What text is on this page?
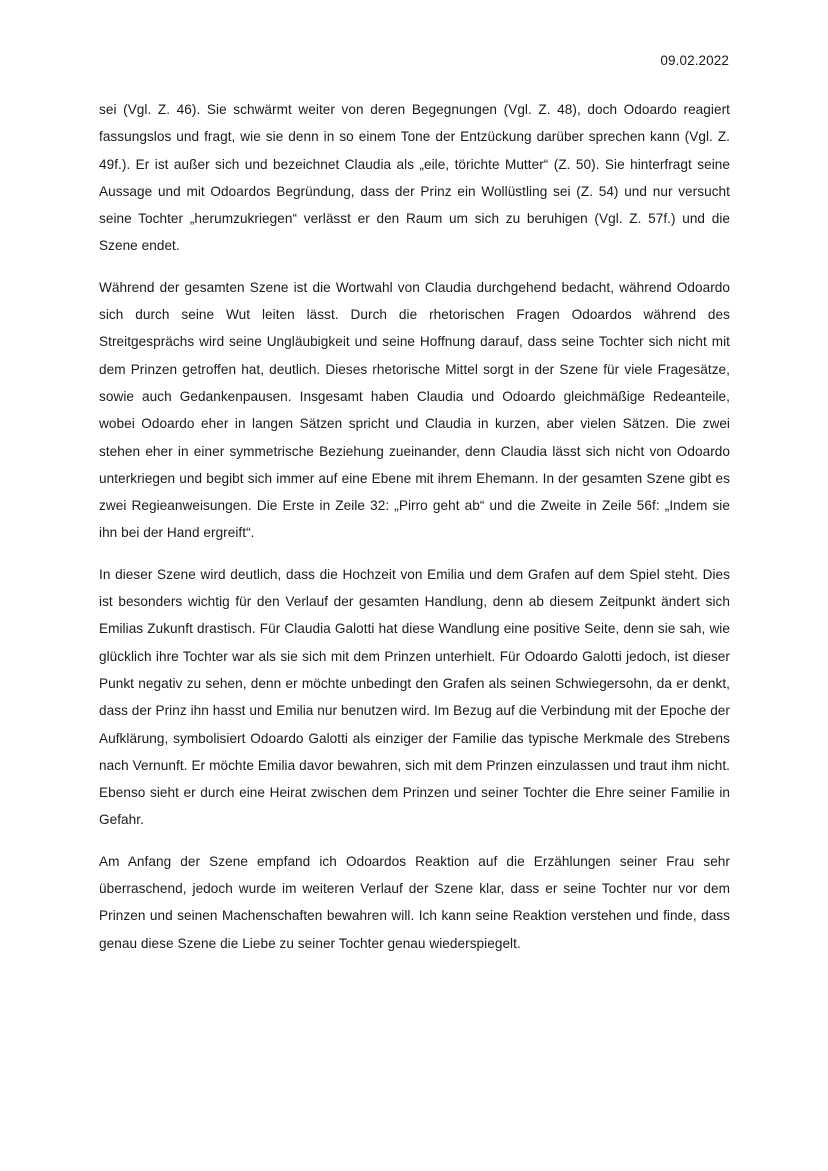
09.02.2022

sei (Vgl. Z. 46). Sie schwärmt weiter von deren Begegnungen (Vgl. Z. 48), doch Odoardo reagiert fassungslos und fragt, wie sie denn in so einem Tone der Entzückung darüber sprechen kann (Vgl. Z. 49f.). Er ist außer sich und bezeichnet Claudia als „eile, törichte Mutter“ (Z. 50). Sie hinterfragt seine Aussage und mit Odoardos Begründung, dass der Prinz ein Wollüstling sei (Z. 54) und nur versucht seine Tochter „herumzukriegen“ verlässt er den Raum um sich zu beruhigen (Vgl. Z. 57f.) und die Szene endet.

Während der gesamten Szene ist die Wortwahl von Claudia durchgehend bedacht, während Odoardo sich durch seine Wut leiten lässt. Durch die rhetorischen Fragen Odoardos während des Streitgesprächs wird seine Ungläubigkeit und seine Hoffnung darauf, dass seine Tochter sich nicht mit dem Prinzen getroffen hat, deutlich. Dieses rhetorische Mittel sorgt in der Szene für viele Fragesätze, sowie auch Gedankenpausen. Insgesamt haben Claudia und Odoardo gleichmäßige Redeanteile, wobei Odoardo eher in langen Sätzen spricht und Claudia in kurzen, aber vielen Sätzen. Die zwei stehen eher in einer symmetrische Beziehung zueinander, denn Claudia lässt sich nicht von Odoardo unterkriegen und begibt sich immer auf eine Ebene mit ihrem Ehemann. In der gesamten Szene gibt es zwei Regieanweisungen. Die Erste in Zeile 32: „Pirro geht ab“ und die Zweite in Zeile 56f: „Indem sie ihn bei der Hand ergreift“.

In dieser Szene wird deutlich, dass die Hochzeit von Emilia und dem Grafen auf dem Spiel steht. Dies ist besonders wichtig für den Verlauf der gesamten Handlung, denn ab diesem Zeitpunkt ändert sich Emilias Zukunft drastisch. Für Claudia Galotti hat diese Wandlung eine positive Seite, denn sie sah, wie glücklich ihre Tochter war als sie sich mit dem Prinzen unterhielt. Für Odoardo Galotti jedoch, ist dieser Punkt negativ zu sehen, denn er möchte unbedingt den Grafen als seinen Schwiegersohn, da er denkt, dass der Prinz ihn hasst und Emilia nur benutzen wird. Im Bezug auf die Verbindung mit der Epoche der Aufklärung, symbolisiert Odoardo Galotti als einziger der Familie das typische Merkmale des Strebens nach Vernunft. Er möchte Emilia davor bewahren, sich mit dem Prinzen einzulassen und traut ihm nicht. Ebenso sieht er durch eine Heirat zwischen dem Prinzen und seiner Tochter die Ehre seiner Familie in Gefahr.

Am Anfang der Szene empfand ich Odoardos Reaktion auf die Erzählungen seiner Frau sehr überraschend, jedoch wurde im weiteren Verlauf der Szene klar, dass er seine Tochter nur vor dem Prinzen und seinen Machenschaften bewahren will. Ich kann seine Reaktion verstehen und finde, dass genau diese Szene die Liebe zu seiner Tochter genau wiederspiegelt.
